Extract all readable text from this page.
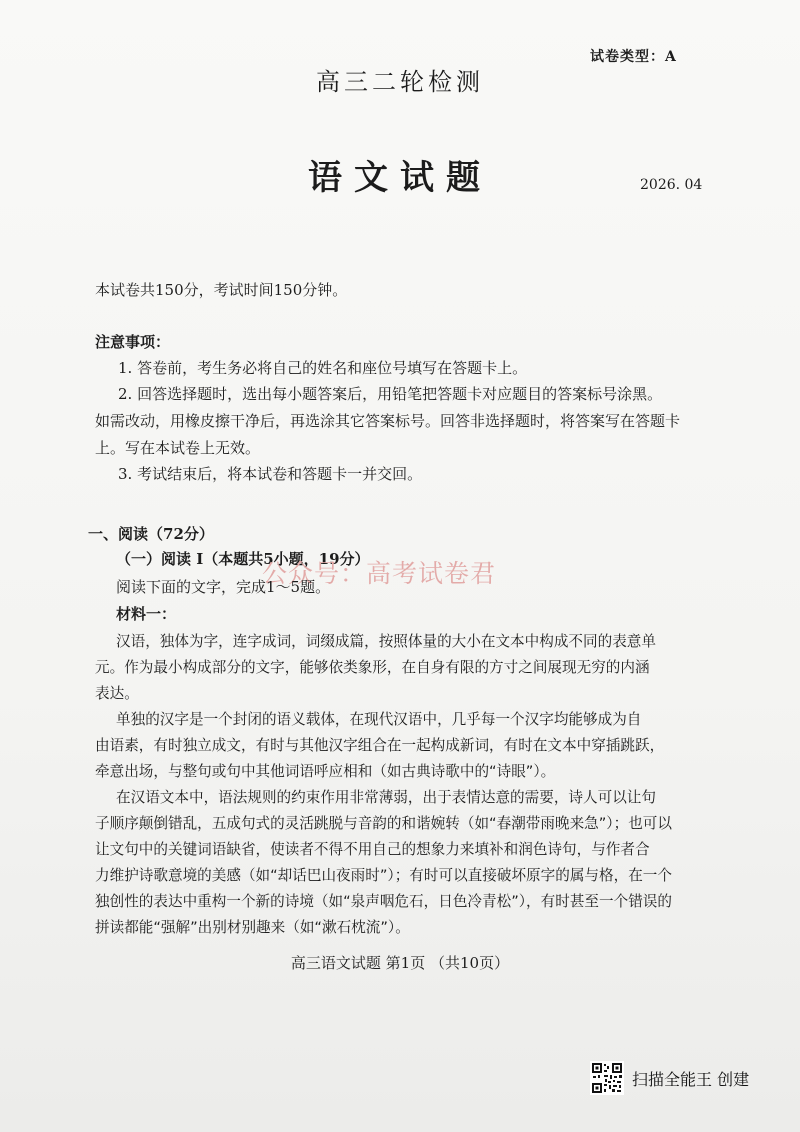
试卷类型：A
高三二轮检测
语文试题	2026. 04
本试卷共150分，考试时间150分钟。
注意事项：
1. 答卷前，考生务必将自己的姓名和座位号填写在答题卡上。
2. 回答选择题时，选出每小题答案后，用铅笔把答题卡对应题目的答案标号涂黑。
如需改动，用橡皮擦干净后，再选涂其它答案标号。回答非选择题时，将答案写在答题卡
上。写在本试卷上无效。
3. 考试结束后，将本试卷和答题卡一并交回。
一、阅读（72分）
（一）阅读 I（本题共5小题，19分）
公众号：高考试卷君
阅读下面的文字，完成1～5题。
材料一：
汉语，独体为字，连字成词，词缀成篇，按照体量的大小在文本中构成不同的表意单
元。作为最小构成部分的文字，能够依类象形，在自身有限的方寸之间展现无穷的内涵
表达。
单独的汉字是一个封闭的语义载体，在现代汉语中，几乎每一个汉字均能够成为自
由语素，有时独立成文，有时与其他汉字组合在一起构成新词，有时在文本中穿插跳跃，
牵意出场，与整句或句中其他词语呼应相和（如古典诗歌中的“诗眼”）。
在汉语文本中，语法规则的约束作用非常薄弱，出于表情达意的需要，诗人可以让句
子顺序颠倒错乱，五成句式的灵活跳脱与音韵的和谐婉转（如“春潮带雨晚来急”）；也可以
让文句中的关键词语缺省，使读者不得不用自己的想象力来填补和润色诗句，与作者合
力维护诗歌意境的美感（如“却话巴山夜雨时”）；有时可以直接破坏原字的属与格，在一个
独创性的表达中重构一个新的诗境（如“泉声咽危石，日色冷青松”），有时甚至一个错误的
拼读都能“强解”出别材别趣来（如“漱石枕流”）。
高三语文试题 第1页 （共10页）
扫描全能王 创建
